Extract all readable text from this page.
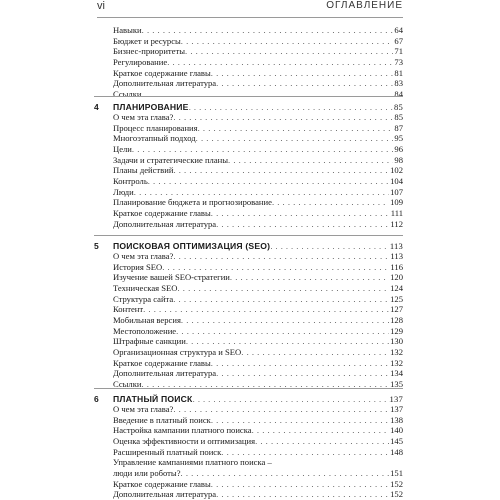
vi	ОГЛАВЛЕНИЕ
Навыки . . .	64
Бюджет и ресурсы . . .	67
Бизнес-приоритеты . . .	71
Регулирование . . .	73
Краткое содержание главы . . .	81
Дополнительная литература . . .	83
Ссылки . . .	84
4 ПЛАНИРОВАНИЕ . . .	85
О чем эта глава? . . .	85
Процесс планирования . . .	87
Многоэтапный подход . . .	95
Цели . . .	96
Задачи и стратегические планы . . .	98
Планы действий . . .	102
Контроль . . .	104
Люди . . .	107
Планирование бюджета и прогнозирование . . .	109
Краткое содержание главы . . .	111
Дополнительная литература . . .	112
5 ПОИСКОВАЯ ОПТИМИЗАЦИЯ (SEO) . . .	113
О чем эта глава? . . .	113
История SEO . . .	116
Изучение вашей SEO-стратегии . . .	120
Техническая SEO . . .	124
Структура сайта . . .	125
Контент . . .	127
Мобильная версия . . .	128
Местоположение . . .	129
Штрафные санкции . . .	130
Организационная структура и SEO . . .	132
Краткое содержание главы . . .	132
Дополнительная литература . . .	134
Ссылки . . .	135
6 ПЛАТНЫЙ ПОИСК . . .	137
О чем эта глава? . . .	137
Введение в платный поиск . . .	138
Настройка кампании платного поиска . . .	140
Оценка эффективности и оптимизация . . .	145
Расширенный платный поиск . . .	148
Управление кампаниями платного поиска –
люди или роботы? . . .	151
Краткое содержание главы . . .	152
Дополнительная литература . . .	152
